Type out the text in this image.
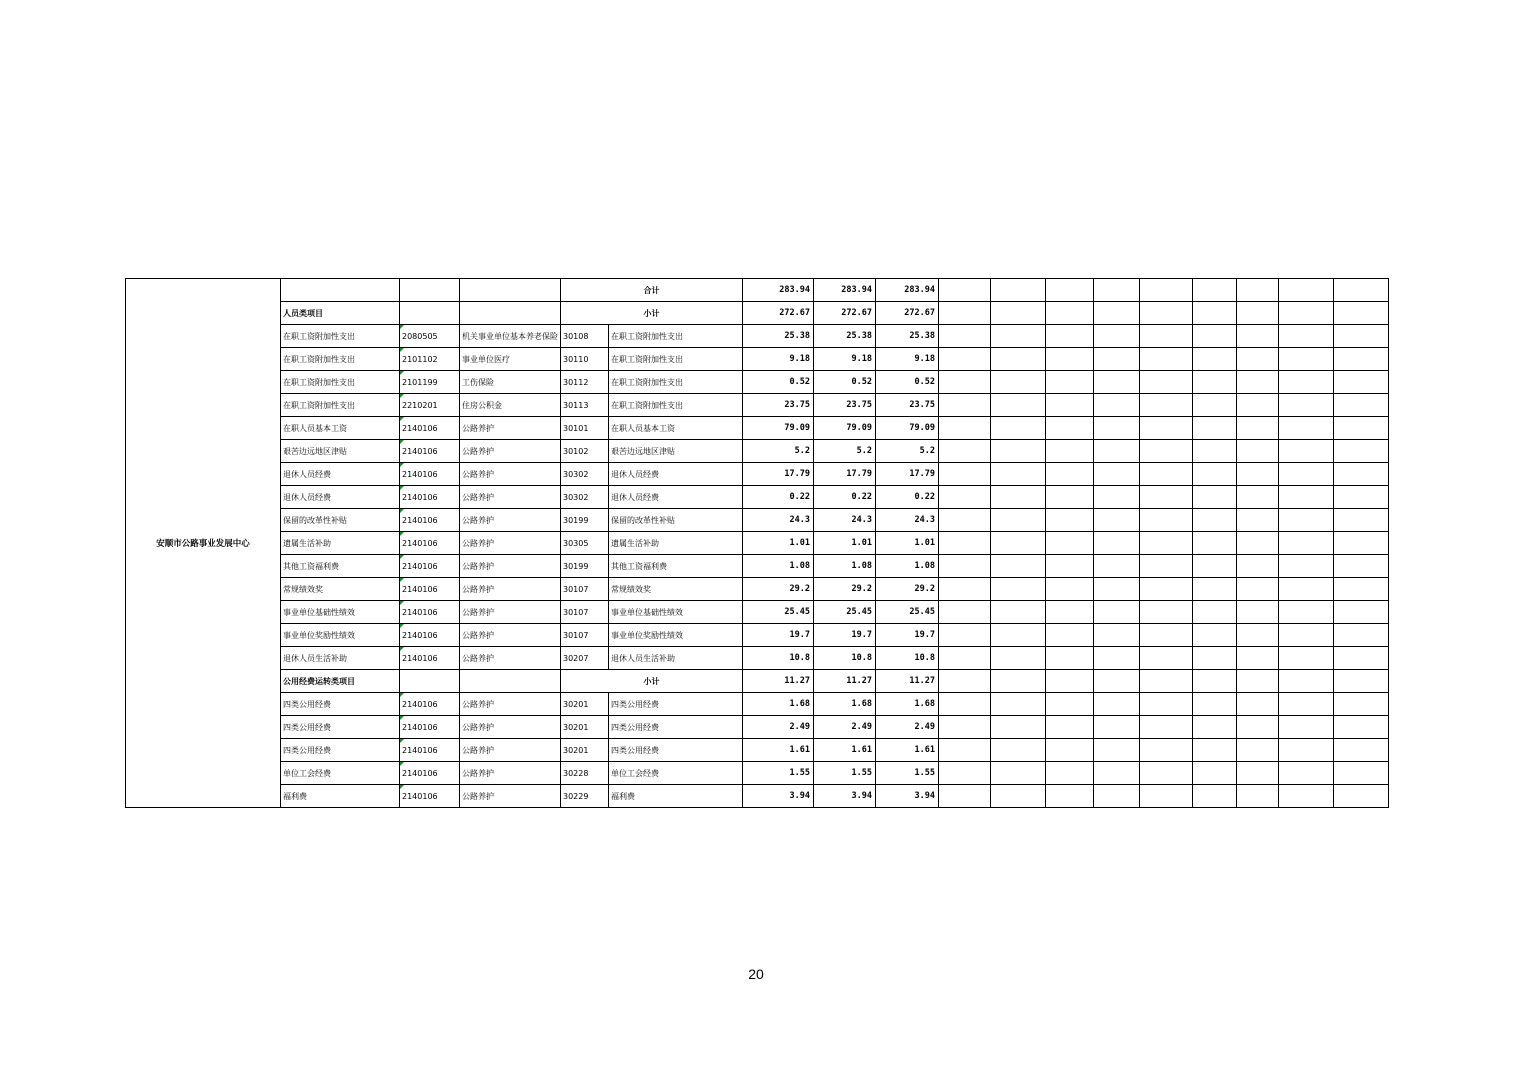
安顺市公路事业发展中心				合计		283.94	283.94	283.94									
	人员类项目			小计		272.67	272.67	272.67									
	在职工资附加性支出	2080505	机关事业单位基本养老保险	30108	在职工资附加性支出	25.38	25.38	25.38									
	在职工资附加性支出	2101102	事业单位医疗	30110	在职工资附加性支出	9.18	9.18	9.18									
	在职工资附加性支出	2101199	工伤保险	30112	在职工资附加性支出	0.52	0.52	0.52									
	在职工资附加性支出	2210201	住房公积金	30113	在职工资附加性支出	23.75	23.75	23.75									
	在职人员基本工资	2140106	公路养护	30101	在职人员基本工资	79.09	79.09	79.09									
	艰苦边远地区津贴	2140106	公路养护	30102	艰苦边远地区津贴	5.2	5.2	5.2									
	退休人员经费	2140106	公路养护	30302	退休人员经费	17.79	17.79	17.79									
	退休人员经费	2140106	公路养护	30302	退休人员经费	0.22	0.22	0.22									
	保留的改革性补贴	2140106	公路养护	30199	保留的改革性补贴	24.3	24.3	24.3									
	遗属生活补助	2140106	公路养护	30305	遗属生活补助	1.01	1.01	1.01									
	其他工资福利费	2140106	公路养护	30199	其他工资福利费	1.08	1.08	1.08									
	常规绩效奖	2140106	公路养护	30107	常规绩效奖	29.2	29.2	29.2									
	事业单位基础性绩效	2140106	公路养护	30107	事业单位基础性绩效	25.45	25.45	25.45									
	事业单位奖励性绩效	2140106	公路养护	30107	事业单位奖励性绩效	19.7	19.7	19.7									
	退休人员生活补助	2140106	公路养护	30207	退休人员生活补助	10.8	10.8	10.8									
	公用经费运转类项目			小计		11.27	11.27	11.27									
	四类公用经费	2140106	公路养护	30201	四类公用经费	1.68	1.68	1.68									
	四类公用经费	2140106	公路养护	30201	四类公用经费	2.49	2.49	2.49									
	四类公用经费	2140106	公路养护	30201	四类公用经费	1.61	1.61	1.61									
	单位工会经费	2140106	公路养护	30228	单位工会经费	1.55	1.55	1.55									
	福利费	2140106	公路养护	30229	福利费	3.94	3.94	3.94									
20
